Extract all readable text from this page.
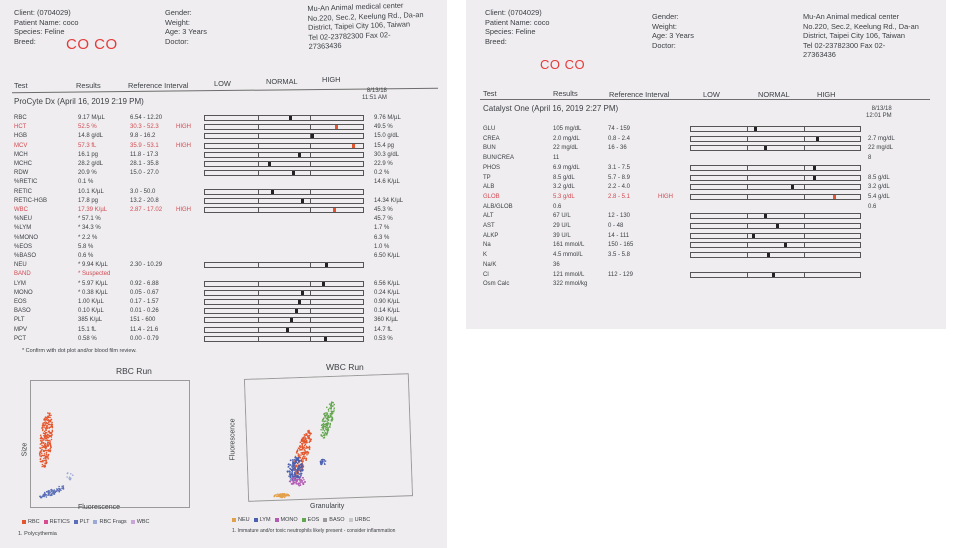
Client: (0704029)
Patient Name: coco
Species: Feline
Breed:
Gender:
Weight:
Age: 3 Years
Doctor:
Mu-An Animal medical center
No.220, Sec.2, Keelung Rd., Da-an
District, Taipei City 106, Taiwan
Tel 02-23782300 Fax 02-
27363436
CO CO
Test	Results	Reference Interval	LOW	NORMAL	HIGH
ProCyte Dx (April 16, 2019 2:19 PM)
8/13/18
11:51 AM
RBC	9.17 M/µL	6.54 - 12.20	9.76 M/µL
HCT	52.5 %	30.3 - 52.3	HIGH	49.5 %
HGB	14.8 g/dL	9.8 - 16.2	15.0 g/dL
MCV	57.3 fL	35.9 - 53.1	HIGH	15.4 pg
MCH	16.1 pg	11.8 - 17.3	30.3 g/dL
MCHC	28.2 g/dL	28.1 - 35.8	22.9 %
RDW	20.9 %	15.0 - 27.0	0.2 %
%RETIC	0.1 %	14.6 K/µL
RETIC	10.1 K/µL	3.0 - 50.0
RETIC-HGB	17.8 pg	13.2 - 20.8	14.34 K/µL
WBC	17.39 K/µL	2.87 - 17.02 HIGH	45.3 %
%NEU	* 57.1 %	45.7 %
%LYM	* 34.3 %	1.7 %
%MONO	* 2.2 %	6.3 %
%EOS	5.8 %	1.0 %
%BASO	0.6 %	6.50 K/µL
NEU	* 9.94 K/µL	2.30 - 10.29
BAND	* Suspected
LYM	* 5.97 K/µL	0.92 - 6.88	6.56 K/µL
MONO	* 0.38 K/µL	0.05 - 0.67	0.24 K/µL
EOS	1.00 K/µL	0.17 - 1.57	0.90 K/µL
BASO	0.10 K/µL	0.01 - 0.26	0.14 K/µL
PLT	385 K/µL	151 - 600	360 K/µL
MPV	15.1 fL	11.4 - 21.6	14.7 fL
PCT	0.58 %	0.00 - 0.79	0.53 %
* Confirm with dot plot and/or blood film review.
RBC Run
Size
Fluorescence
RBC RETICS PLT RBC Frags WBC
1. Polycythemia
WBC Run
Fluorescence
Granularity
NEU LYM MONO EOS BASO URBC
1. Immature and/or toxic neutrophils likely present - consider inflammation
Client: (0704029)
Patient Name: coco
Species: Feline
Breed:
Gender:
Weight:
Age: 3 Years
Doctor:
Mu-An Animal medical center
No.220, Sec.2, Keelung Rd., Da-an
District, Taipei City 106, Taiwan
Tel 02-23782300 Fax 02-
27363436
CO CO
Test	Results	Reference Interval	LOW	NORMAL	HIGH
Catalyst One (April 16, 2019 2:27 PM)	8/13/18
12:01 PM
GLU	105 mg/dL	74 - 159
CREA	2.0 mg/dL	0.8 - 2.4	2.7 mg/dL
BUN	22 mg/dL	16 - 36	22 mg/dL
BUN/CREA	11	8
PHOS	6.9 mg/dL	3.1 - 7.5
TP	8.5 g/dL	5.7 - 8.9	8.5 g/dL
ALB	3.2 g/dL	2.2 - 4.0	3.2 g/dL
GLOB	5.3 g/dL	2.8 - 5.1	HIGH	5.4 g/dL
ALB/GLOB	0.6	0.6
ALT	67 U/L	12 - 130
AST	29 U/L	0 - 48
ALKP	39 U/L	14 - 111
Na	161 mmol/L	150 - 165
K	4.5 mmol/L	3.5 - 5.8
Na/K	36
Cl	121 mmol/L	112 - 129
Osm Calc	322 mmol/kg
